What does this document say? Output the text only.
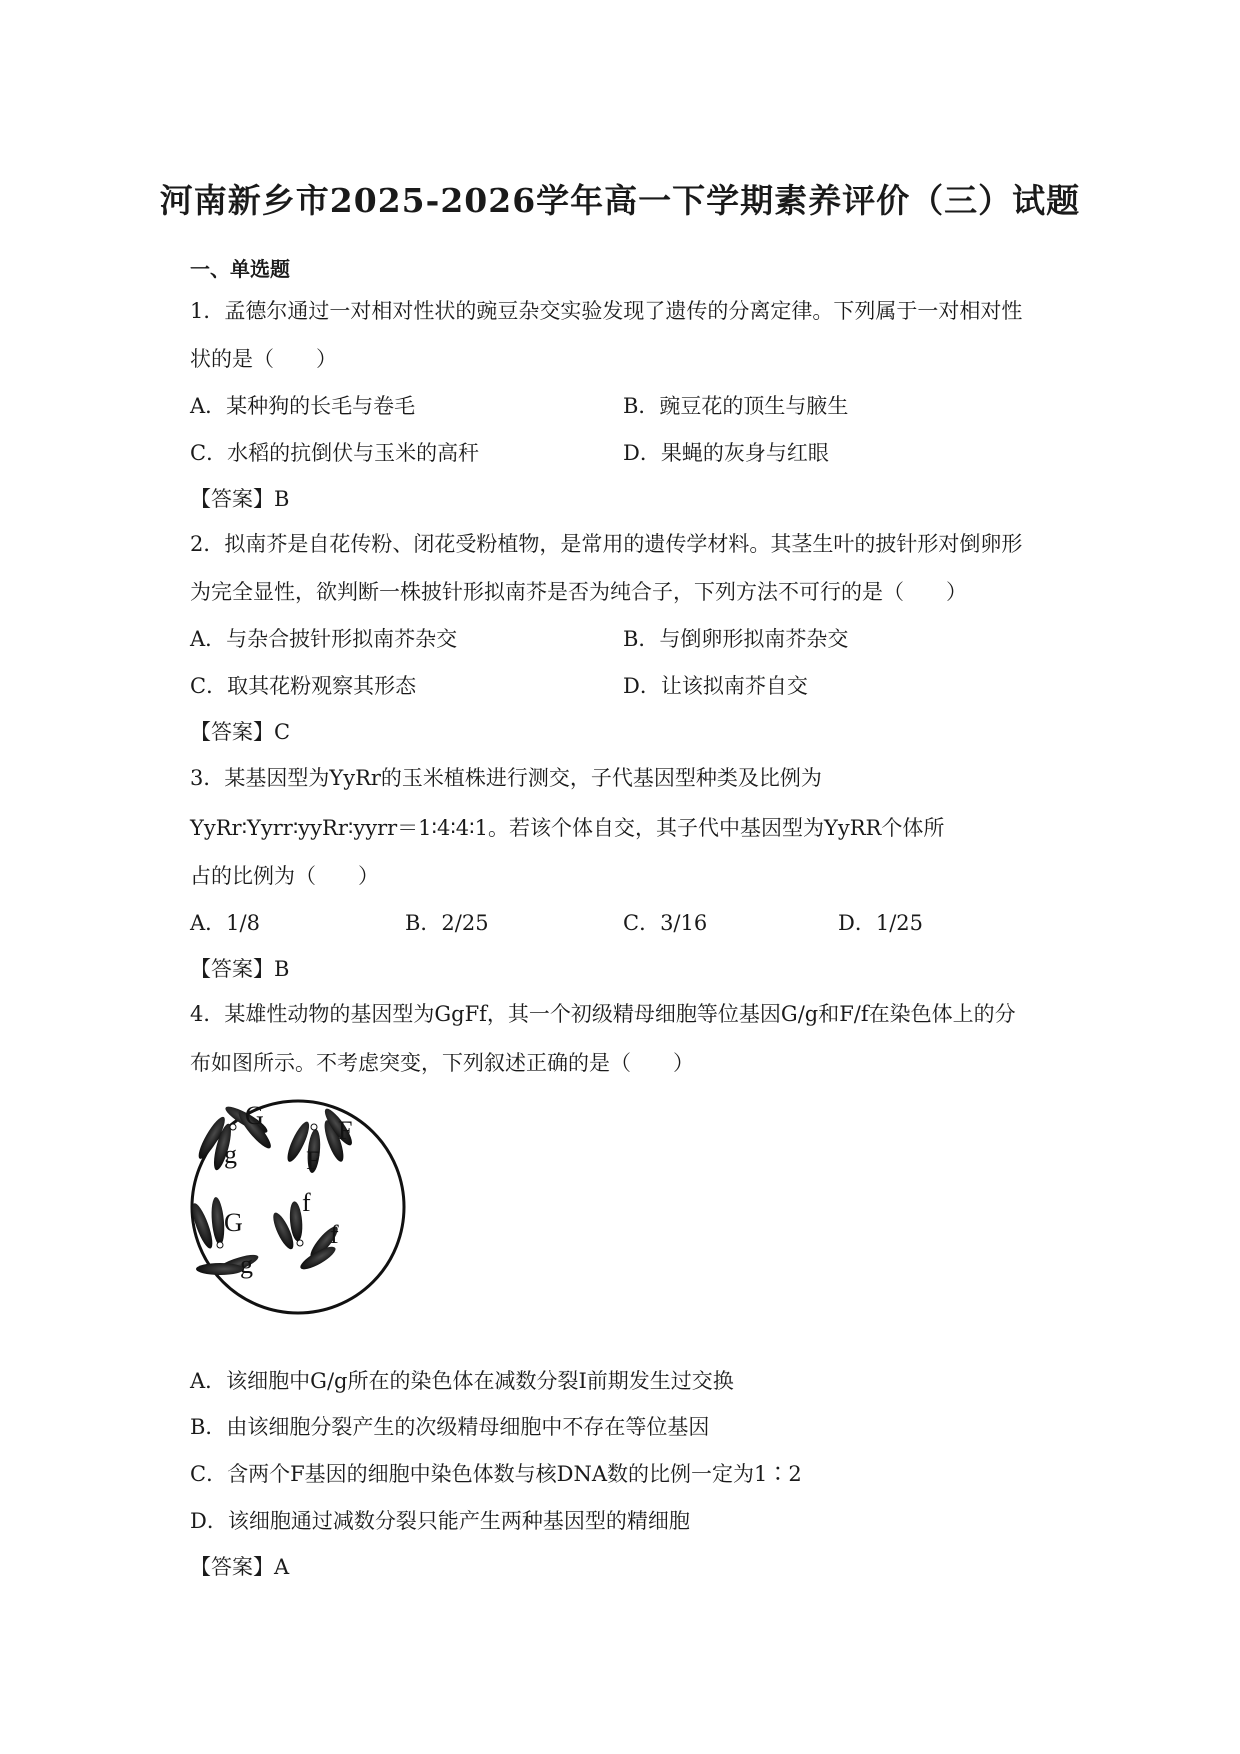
河南新乡市2025-2026学年高一下学期素养评价（三）试题
一、单选题
1．孟德尔通过一对相对性状的豌豆杂交实验发现了遗传的分离定律。下列属于一对相对性
状的是（　　）
A．某种狗的长毛与卷毛	B．豌豆花的顶生与腋生
C．水稻的抗倒伏与玉米的高秆	D．果蝇的灰身与红眼
【答案】B
2．拟南芥是自花传粉、闭花受粉植物，是常用的遗传学材料。其茎生叶的披针形对倒卵形
为完全显性，欲判断一株披针形拟南芥是否为纯合子，下列方法不可行的是（　　）
A．与杂合披针形拟南芥杂交	B．与倒卵形拟南芥杂交
C．取其花粉观察其形态	D．让该拟南芥自交
【答案】C
3．某基因型为YyRr的玉米植株进行测交，子代基因型种类及比例为
YyRr∶Yyrr∶yyRr∶yyrr＝1∶4∶4∶1。若该个体自交，其子代中基因型为YyRR个体所
占的比例为（　　）
A．1/8	B．2/25	C．3/16	D．1/25
【答案】B
4．某雄性动物的基因型为GgFf，其一个初级精母细胞等位基因G/g和F/f在染色体上的分
布如图所示。不考虑突变，下列叙述正确的是（　　）
G
g
F
F
G
g
f
f
A．该细胞中G/g所在的染色体在减数分裂Ⅰ前期发生过交换
B．由该细胞分裂产生的次级精母细胞中不存在等位基因
C．含两个F基因的细胞中染色体数与核DNA数的比例一定为1∶2
D．该细胞通过减数分裂只能产生两种基因型的精细胞
【答案】A
